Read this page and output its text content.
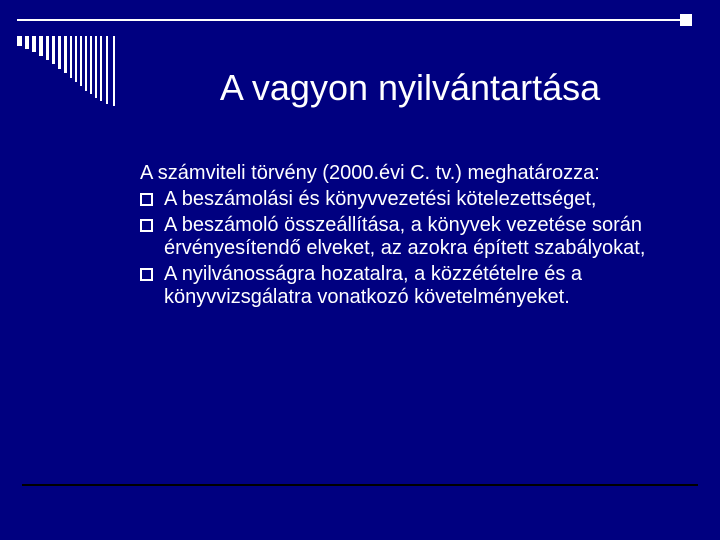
A vagyon nyilvántartása

A számviteli törvény (2000.évi C. tv.) meghatározza:

A beszámolási és könyvvezetési kötelezettséget,
A beszámoló összeállítása, a könyvek vezetése során érvényesítendő elveket, az azokra épített szabályokat,
A nyilvánosságra hozatalra, a közzétételre és a könyvvizsgálatra vonatkozó követelményeket.
